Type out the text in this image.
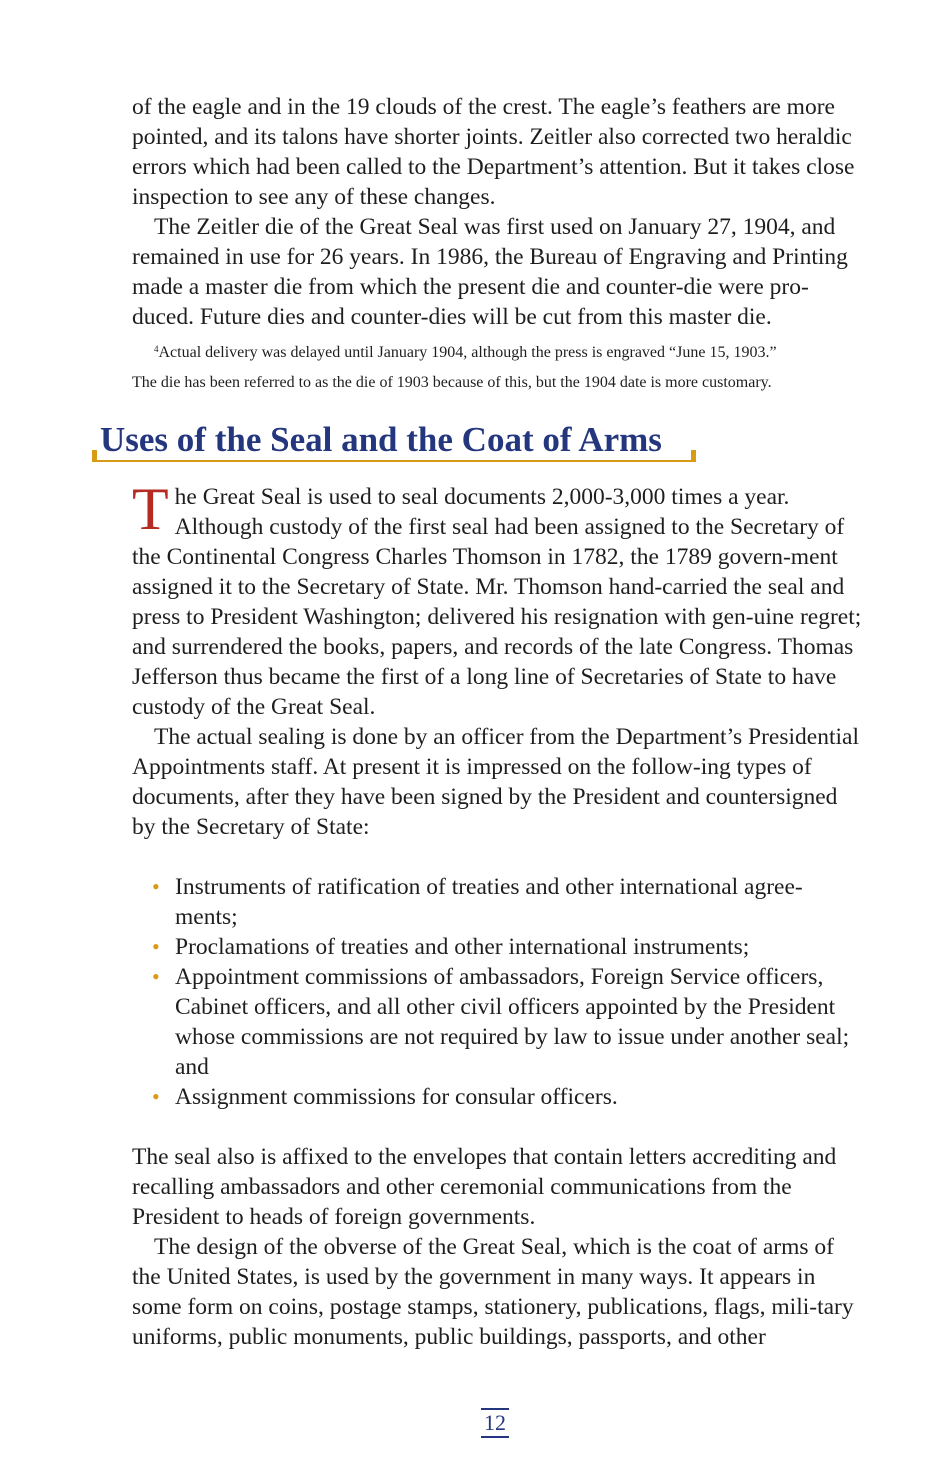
of the eagle and in the 19 clouds of the crest. The eagle’s feathers are more pointed, and its talons have shorter joints. Zeitler also corrected two heraldic errors which had been called to the Department’s attention. But it takes close inspection to see any of these changes.

The Zeitler die of the Great Seal was first used on January 27, 1904, and remained in use for 26 years. In 1986, the Bureau of Engraving and Printing made a master die from which the present die and counter-die were pro-duced. Future dies and counter-dies will be cut from this master die.

$^4$Actual delivery was delayed until January 1904, although the press is engraved “June 15, 1903.”
The die has been referred to as the die of 1903 because of this, but the 1904 date is more customary.
Uses of the Seal and the Coat of Arms

The Great Seal is used to seal documents 2,000-3,000 times a year. Although custody of the first seal had been assigned to the Secretary of the Continental Congress Charles Thomson in 1782, the 1789 govern-ment assigned it to the Secretary of State. Mr. Thomson hand-carried the seal and press to President Washington; delivered his resignation with gen-uine regret; and surrendered the books, papers, and records of the late Congress. Thomas Jefferson thus became the first of a long line of Secretaries of State to have custody of the Great Seal.

The actual sealing is done by an officer from the Department’s Presidential Appointments staff. At present it is impressed on the follow-ing types of documents, after they have been signed by the President and countersigned by the Secretary of State:

• Instruments of ratification of treaties and other international agree-ments;
• Proclamations of treaties and other international instruments;
• Appointment commissions of ambassadors, Foreign Service officers, Cabinet officers, and all other civil officers appointed by the President whose commissions are not required by law to issue under another seal; and
• Assignment commissions for consular officers.

The seal also is affixed to the envelopes that contain letters accrediting and recalling ambassadors and other ceremonial communications from the President to heads of foreign governments.

The design of the obverse of the Great Seal, which is the coat of arms of the United States, is used by the government in many ways. It appears in some form on coins, postage stamps, stationery, publications, flags, mili-tary uniforms, public monuments, public buildings, passports, and other

12
